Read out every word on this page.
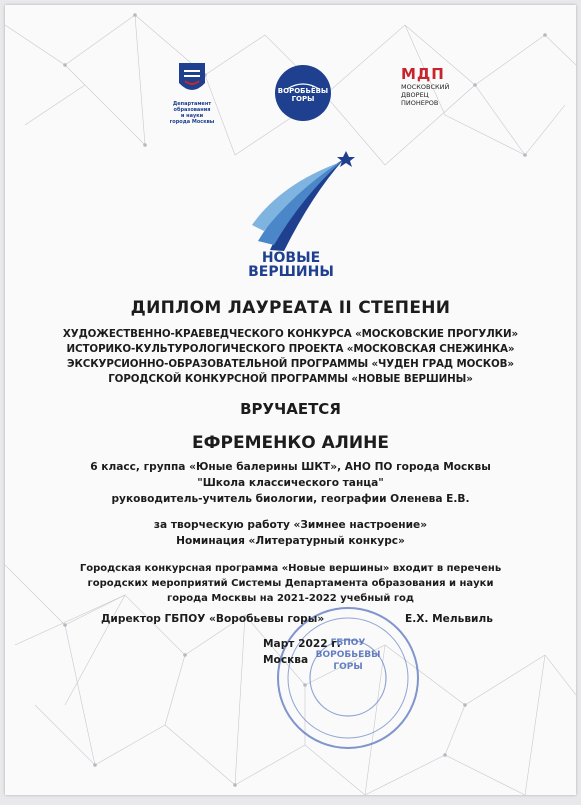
Департамент
образования
и науки
города Москвы
ВОРОБЬЁВЫ
ГОРЫ
МДП
МОСКОВСКИЙ
ДВОРЕЦ
ПИОНЕРОВ
НОВЫЕ
ВЕРШИНЫ
ДИПЛОМ ЛАУРЕАТА II СТЕПЕНИ
ХУДОЖЕСТВЕННО-КРАЕВЕДЧЕСКОГО КОНКУРСА «МОСКОВСКИЕ ПРОГУЛКИ»
ИСТОРИКО-КУЛЬТУРОЛОГИЧЕСКОГО ПРОЕКТА «МОСКОВСКАЯ СНЕЖИНКА»
ЭКСКУРСИОННО-ОБРАЗОВАТЕЛЬНОЙ ПРОГРАММЫ «ЧУДЕН ГРАД МОСКОВ»
ГОРОДСКОЙ КОНКУРСНОЙ ПРОГРАММЫ «НОВЫЕ ВЕРШИНЫ»
ВРУЧАЕТСЯ
ЕФРЕМЕНКО АЛИНЕ
6 класс, группа «Юные балерины ШКТ», АНО ПО города Москвы
"Школа классического танца"
руководитель-учитель биологии, географии Оленева Е.В.
за творческую работу «Зимнее настроение»
Номинация «Литературный конкурс»
Городская конкурсная программа «Новые вершины» входит в перечень
городских мероприятий Системы Департамента образования и науки
города Москвы на 2021-2022 учебный год
ГБПОУ
ВОРОБЬЕВЫ
ГОРЫ
Директор ГБПОУ «Воробьевы горы»	Е.Х. Мельвиль
Март 2022 г.
Москва
